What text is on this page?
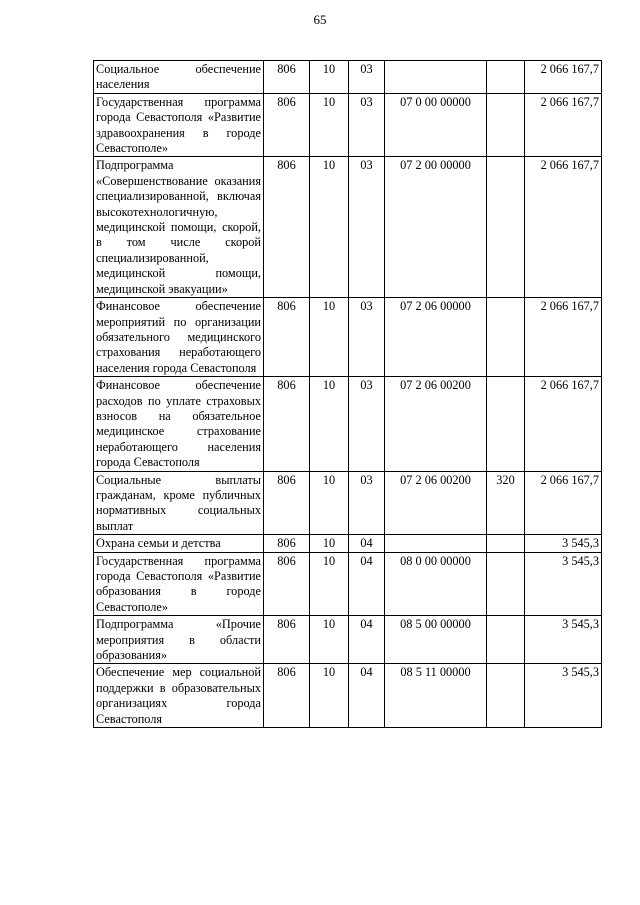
65
Социальное обеспечение населения	806	10	03			2 066 167,7
Государственная программа города Севастополя «Развитие здравоохранения в городе Севастополе»	806	10	03	07 0 00 00000		2 066 167,7
Подпрограмма «Совершенствование оказания специализированной, включая высокотехнологичную, медицинской помощи, скорой, в том числе скорой специализированной, медицинской помощи, медицинской эвакуации»	806	10	03	07 2 00 00000		2 066 167,7
Финансовое обеспечение мероприятий по организации обязательного медицинского страхования неработающего населения города Севастополя	806	10	03	07 2 06 00000		2 066 167,7
Финансовое обеспечение расходов по уплате страховых взносов на обязательное медицинское страхование неработающего населения города Севастополя	806	10	03	07 2 06 00200		2 066 167,7
Социальные выплаты гражданам, кроме публичных нормативных социальных выплат	806	10	03	07 2 06 00200	320	2 066 167,7
Охрана семьи и детства	806	10	04			3 545,3
Государственная программа города Севастополя «Развитие образования в городе Севастополе»	806	10	04	08 0 00 00000		3 545,3
Подпрограмма «Прочие мероприятия в области образования»	806	10	04	08 5 00 00000		3 545,3
Обеспечение мер социальной поддержки в образовательных организациях города Севастополя	806	10	04	08 5 11 00000		3 545,3
